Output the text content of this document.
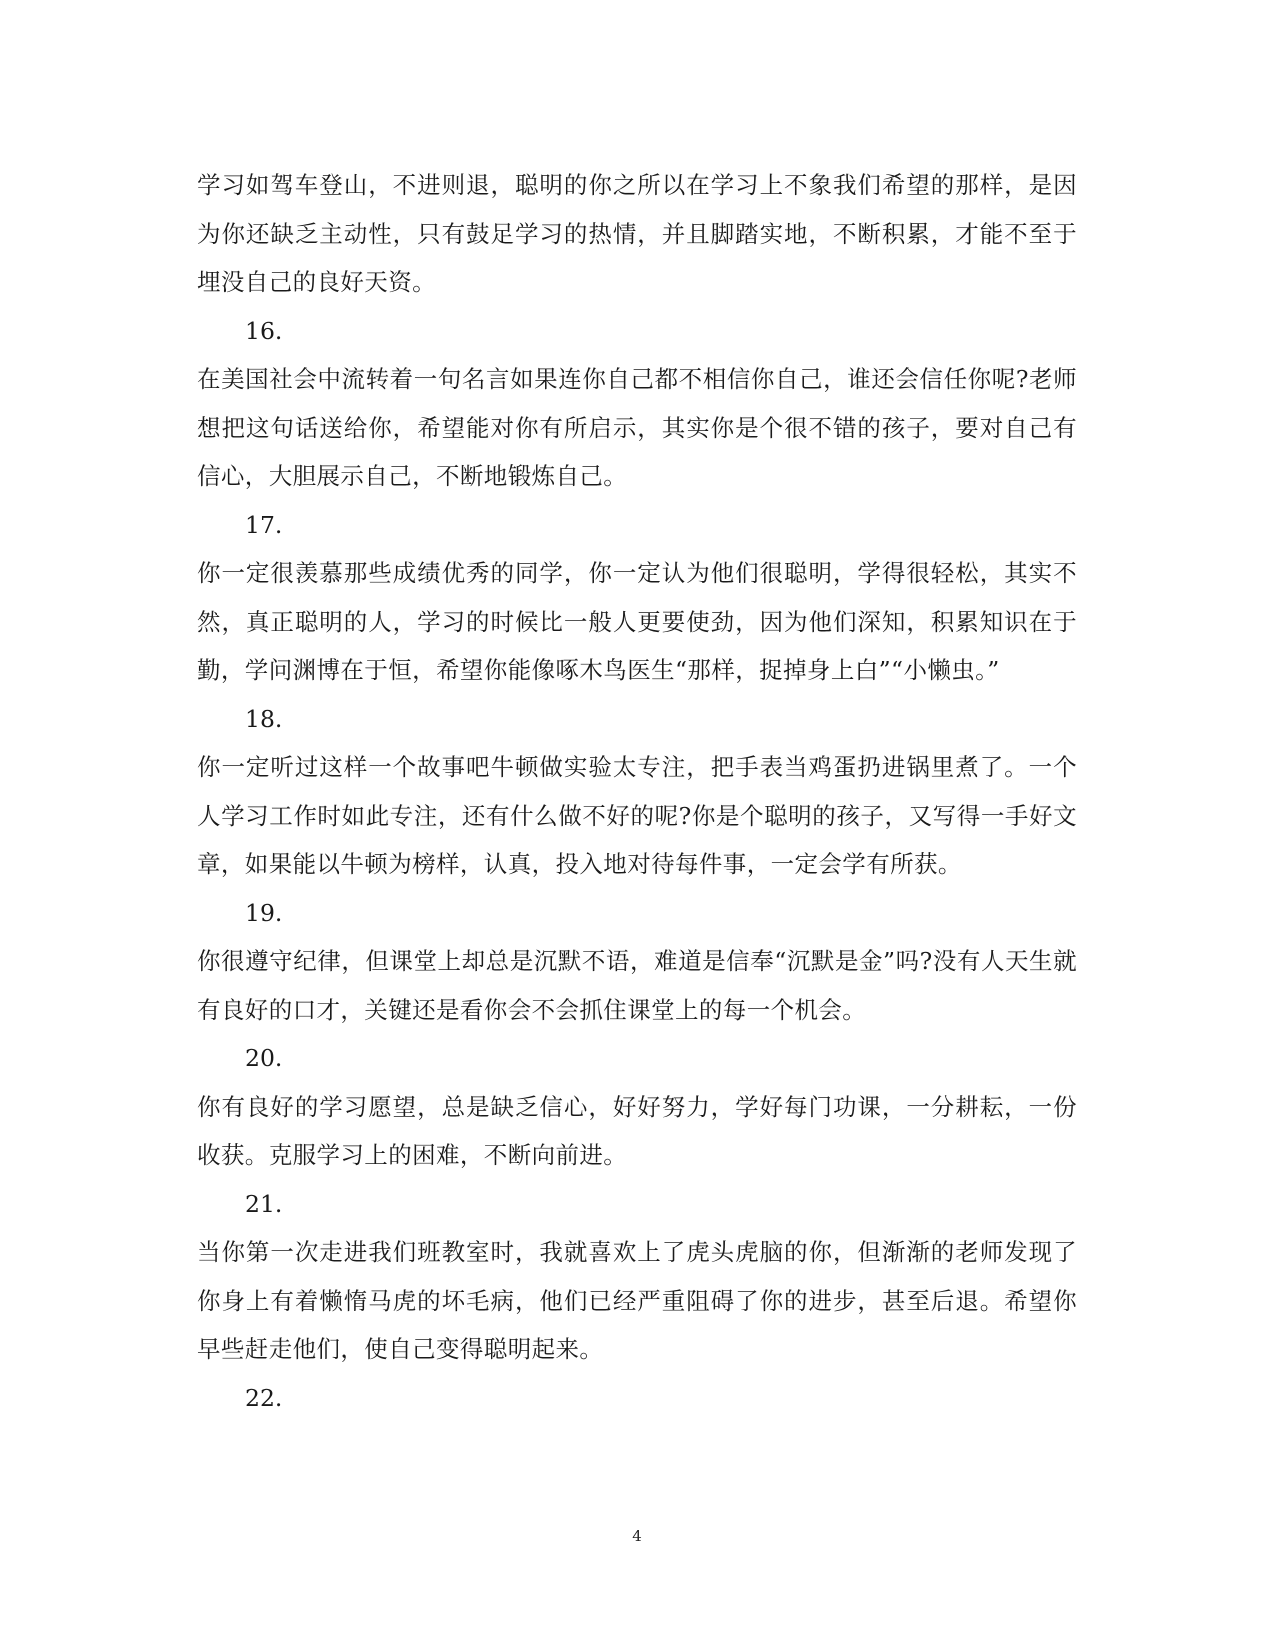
学习如驾车登山，不进则退，聪明的你之所以在学习上不象我们希望的那样，是因为你还缺乏主动性，只有鼓足学习的热情，并且脚踏实地，不断积累，才能不至于埋没自己的良好天资。

16.

在美国社会中流转着一句名言如果连你自己都不相信你自己，谁还会信任你呢?老师想把这句话送给你，希望能对你有所启示，其实你是个很不错的孩子，要对自己有信心，大胆展示自己，不断地锻炼自己。

17.

你一定很羡慕那些成绩优秀的同学，你一定认为他们很聪明，学得很轻松，其实不然，真正聪明的人，学习的时候比一般人更要使劲，因为他们深知，积累知识在于勤，学问渊博在于恒，希望你能像啄木鸟医生“那样，捉掉身上白”“小懒虫。”

18.

你一定听过这样一个故事吧牛顿做实验太专注，把手表当鸡蛋扔进锅里煮了。一个人学习工作时如此专注，还有什么做不好的呢?你是个聪明的孩子，又写得一手好文章，如果能以牛顿为榜样，认真，投入地对待每件事，一定会学有所获。

19.

你很遵守纪律，但课堂上却总是沉默不语，难道是信奉“沉默是金”吗?没有人天生就有良好的口才，关键还是看你会不会抓住课堂上的每一个机会。

20.

你有良好的学习愿望，总是缺乏信心，好好努力，学好每门功课，一分耕耘，一份收获。克服学习上的困难，不断向前进。

21.

当你第一次走进我们班教室时，我就喜欢上了虎头虎脑的你，但渐渐的老师发现了你身上有着懒惰马虎的坏毛病，他们已经严重阻碍了你的进步，甚至后退。希望你早些赶走他们，使自己变得聪明起来。

22.

4
